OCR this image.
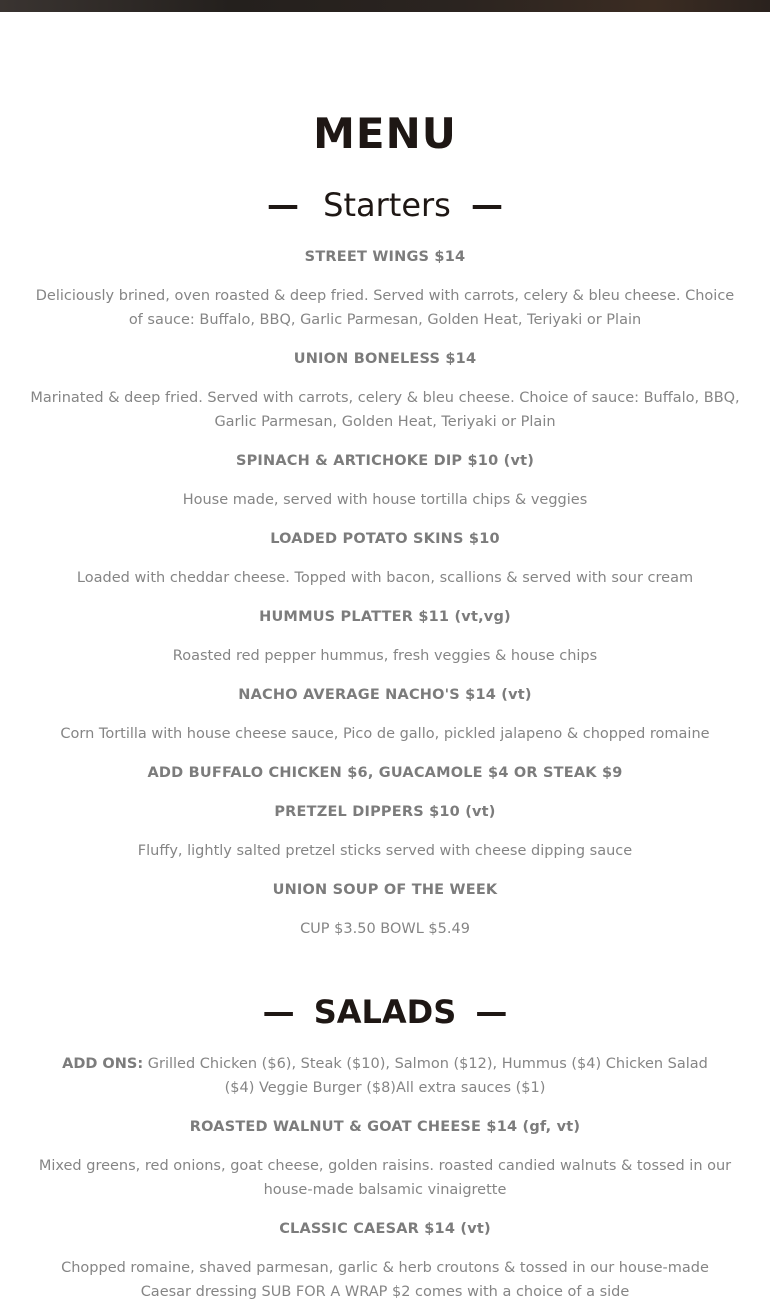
MENU
— Starters —
STREET WINGS $14
Deliciously brined, oven roasted & deep fried. Served with carrots, celery & bleu cheese. Choice of sauce: Buffalo, BBQ, Garlic Parmesan, Golden Heat, Teriyaki or Plain
UNION BONELESS $14
Marinated & deep fried. Served with carrots, celery & bleu cheese. Choice of sauce: Buffalo, BBQ, Garlic Parmesan, Golden Heat, Teriyaki or Plain
SPINACH & ARTICHOKE DIP $10 (vt)
House made, served with house tortilla chips & veggies
LOADED POTATO SKINS $10
Loaded with cheddar cheese. Topped with bacon, scallions & served with sour cream
HUMMUS PLATTER $11 (vt,vg)
Roasted red pepper hummus, fresh veggies & house chips
NACHO AVERAGE NACHO'S $14 (vt)
Corn Tortilla with house cheese sauce, Pico de gallo, pickled jalapeno & chopped romaine
ADD BUFFALO CHICKEN $6, GUACAMOLE $4 OR STEAK $9
PRETZEL DIPPERS $10 (vt)
Fluffy, lightly salted pretzel sticks served with cheese dipping sauce
UNION SOUP OF THE WEEK
CUP $3.50 BOWL $5.49
— SALADS —
ADD ONS: Grilled Chicken ($6), Steak ($10), Salmon ($12), Hummus ($4) Chicken Salad ($4) Veggie Burger ($8)All extra sauces ($1)
ROASTED WALNUT & GOAT CHEESE $14 (gf, vt)
Mixed greens, red onions, goat cheese, golden raisins. roasted candied walnuts & tossed in our house-made balsamic vinaigrette
CLASSIC CAESAR $14 (vt)
Chopped romaine, shaved parmesan, garlic & herb croutons & tossed in our house-made Caesar dressing SUB FOR A WRAP $2 comes with a choice of a side
